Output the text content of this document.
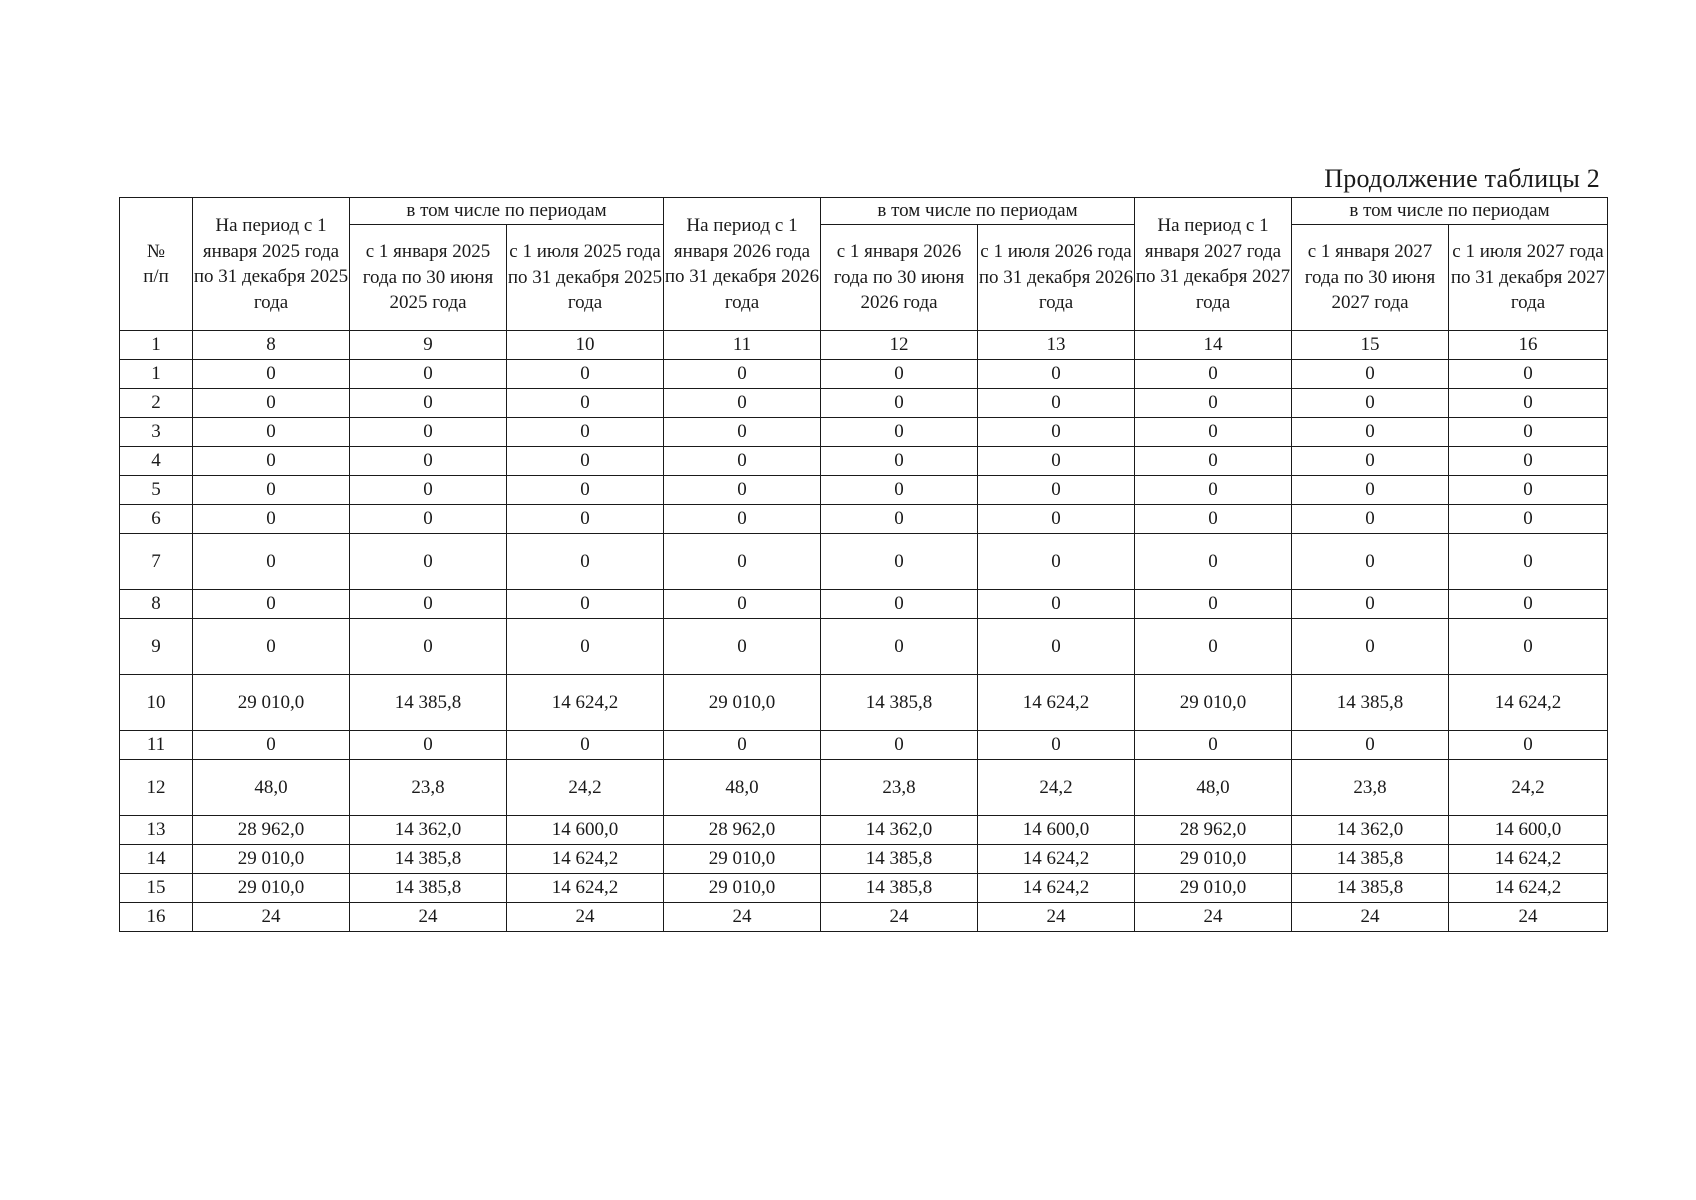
Продолжение таблицы 2
№
п/п	На период с 1 января 2025 года по 31 декабря 2025 года	в том числе по периодам		На период с 1 января 2026 года по 31 декабря 2026 года	в том числе по периодам		На период с 1 января 2027 года по 31 декабря 2027 года	в том числе по периодам	
		с 1 января 2025 года по 30 июня 2025 года	с 1 июля 2025 года по 31 декабря 2025 года		с 1 января 2026 года по 30 июня 2026 года	с 1 июля 2026 года по 31 декабря 2026 года		с 1 января 2027 года по 30 июня 2027 года	с 1 июля 2027 года по 31 декабря 2027 года
1	8	9	10	11	12	13	14	15	16
1	0	0	0	0	0	0	0	0	0
2	0	0	0	0	0	0	0	0	0
3	0	0	0	0	0	0	0	0	0
4	0	0	0	0	0	0	0	0	0
5	0	0	0	0	0	0	0	0	0
6	0	0	0	0	0	0	0	0	0
7	0	0	0	0	0	0	0	0	0
8	0	0	0	0	0	0	0	0	0
9	0	0	0	0	0	0	0	0	0
10	29 010,0	14 385,8	14 624,2	29 010,0	14 385,8	14 624,2	29 010,0	14 385,8	14 624,2
11	0	0	0	0	0	0	0	0	0
12	48,0	23,8	24,2	48,0	23,8	24,2	48,0	23,8	24,2
13	28 962,0	14 362,0	14 600,0	28 962,0	14 362,0	14 600,0	28 962,0	14 362,0	14 600,0
14	29 010,0	14 385,8	14 624,2	29 010,0	14 385,8	14 624,2	29 010,0	14 385,8	14 624,2
15	29 010,0	14 385,8	14 624,2	29 010,0	14 385,8	14 624,2	29 010,0	14 385,8	14 624,2
16	24	24	24	24	24	24	24	24	24
